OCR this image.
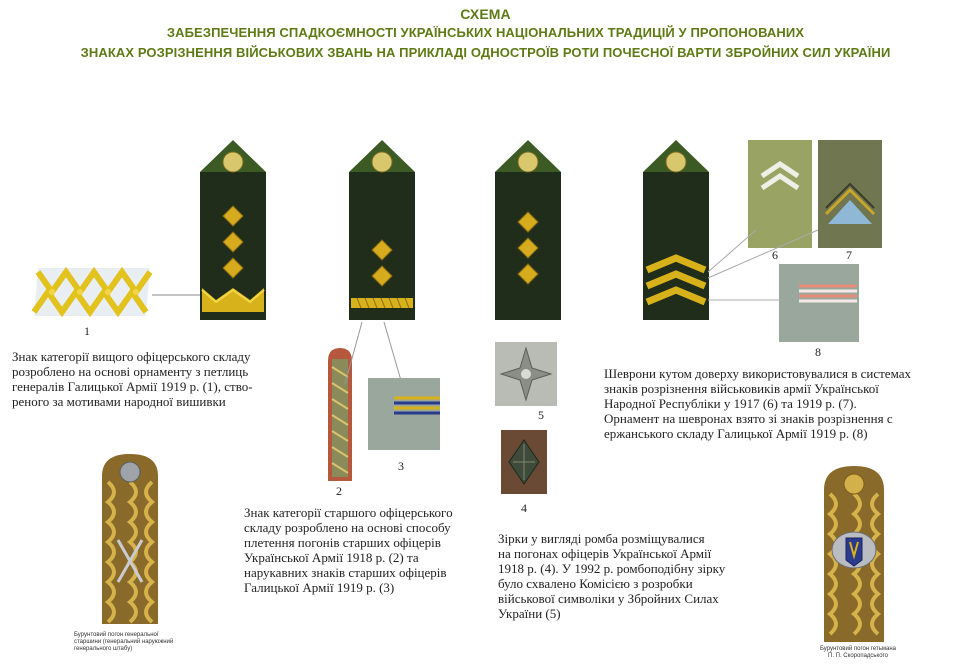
СХЕМА
ЗАБЕЗПЕЧЕННЯ СПАДКОЄМНОСТІ УКРАЇНСЬКИХ НАЦІОНАЛЬНИХ ТРАДИЦІЙ У ПРОПОНОВАНИХ
ЗНАКАХ РОЗРІЗНЕННЯ ВІЙСЬКОВИХ ЗВАНЬ НА ПРИКЛАДІ ОДНОСТРОЇВ РОТИ ПОЧЕСНОЇ ВАРТИ ЗБРОЙНИХ СИЛ УКРАЇНИ
1
6	7
8
Знак категорії вищого офіцерського складу
розроблено на основі орнаменту з петлиць
генералів Галицької Армії 1919 р. (1), ство-
реного за мотивами народної вишивки
2
3
5
4
Шеврони кутом доверху використовувалися в системах
знаків розрізнення військовиків армії Української
Народної Республіки у 1917 (6) та 1919 р. (7).
Орнамент на шевронах взято зі знаків розрізнення с
ержанського складу Галицької Армії 1919 р. (8)
Бурунтовий погон генеральної
старшини (генеральний наруюжний
генерального штабу)
Знак категорії старшого офіцерського
складу розроблено на основі способу
плетення погонів старших офіцерів
Української Армії 1918 р. (2) та
нарукавних знаків старших офіцерів
Галицької Армії 1919 р. (3)
Зірки у вигляді ромба розміщувалися
на погонах офіцерів Української Армії
1918 р. (4). У 1992 р. ромбоподібну зірку
було схвалено Комісією з розробки
військової символіки у Збройних Силах
України (5)
Бурунтовий погон гетьмана
П. П. Скоропадського
